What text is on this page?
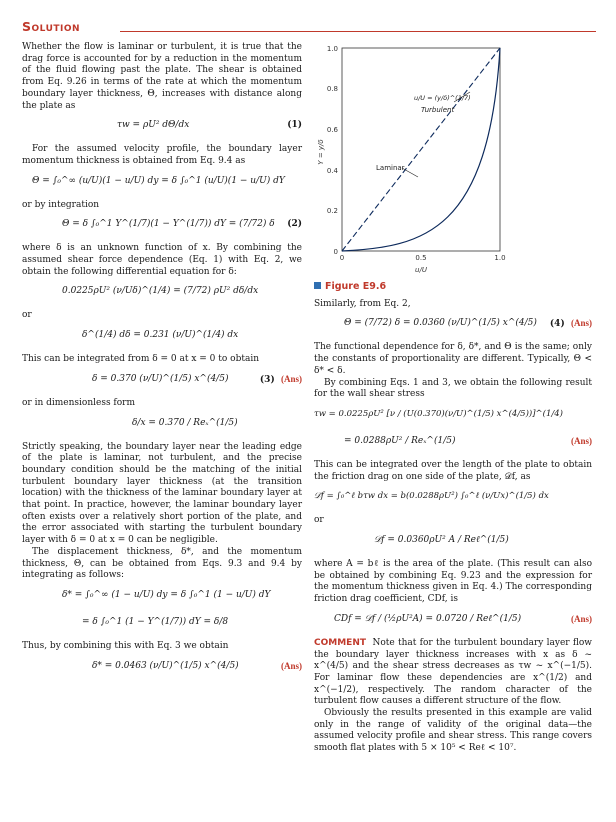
Solution

Whether the flow is laminar or turbulent, it is true that the drag force is accounted for by a reduction in the momentum of the fluid flowing past the plate. The shear is obtained from Eq. 9.26 in terms of the rate at which the momentum boundary layer thickness, Θ, increases with distance along the plate as

τw = ρU² dΘ/dx	(1)

For the assumed velocity profile, the boundary layer momentum thickness is obtained from Eq. 9.4 as

Θ = ∫₀^∞ (u/U)(1 − u/U) dy = δ ∫₀^1 (u/U)(1 − u/U) dY

or by integration

Θ = δ ∫₀^1 Y^(1/7)(1 − Y^(1/7)) dY = (7/72) δ (2)

where δ is an unknown function of x. By combining the assumed shear force dependence (Eq. 1) with Eq. 2, we obtain the following differential equation for δ:

0.0225ρU² (ν/Uδ)^(1/4) = (7/72) ρU² dδ/dx

or

δ^(1/4) dδ = 0.231 (ν/U)^(1/4) dx

This can be integrated from δ = 0 at x = 0 to obtain

δ = 0.370 (ν/U)^(1/5) x^(4/5)	(3) (Ans)

or in dimensionless form

δ/x = 0.370 / Reₓ^(1/5)

Strictly speaking, the boundary layer near the leading edge of the plate is laminar, not turbulent, and the precise boundary condition should be the matching of the initial turbulent boundary layer thickness (at the transition location) with the thickness of the laminar boundary layer at that point. In practice, however, the laminar boundary layer often exists over a relatively short portion of the plate, and the error associated with starting the turbulent boundary layer with δ = 0 at x = 0 can be negligible.

The displacement thickness, δ*, and the momentum thickness, Θ, can be obtained from Eqs. 9.3 and 9.4 by integrating as follows:

δ* = ∫₀^∞ (1 − u/U) dy = δ ∫₀^1 (1 − u/U) dY
= δ ∫₀^1 (1 − Y^(1/7)) dY = δ/8

Thus, by combining this with Eq. 3 we obtain

δ* = 0.0463 (ν/U)^(1/5) x^(4/5)	(Ans)
0
0.2
0.4
0.6
0.8
1.0
0	0.5	1.0
u/U
Y = y/δ
u/U = (y/δ)^(1/7)
Turbulent
Laminar
Figure E9.6

Similarly, from Eq. 2,

Θ = (7/72) δ = 0.0360 (ν/U)^(1/5) x^(4/5) (4) (Ans)

The functional dependence for δ, δ*, and Θ is the same; only the constants of proportionality are different. Typically, Θ < δ* < δ.

By combining Eqs. 1 and 3, we obtain the following result for the wall shear stress

τw = 0.0225ρU² [ν / (U(0.370)(ν/U)^(1/5) x^(4/5))]^(1/4)
= 0.0288ρU² / Reₓ^(1/5)	(Ans)

This can be integrated over the length of the plate to obtain the friction drag on one side of the plate, 𝒟f, as

𝒟f = ∫₀^ℓ bτw dx = b(0.0288ρU²) ∫₀^ℓ (ν/Ux)^(1/5) dx

or

𝒟f = 0.0360ρU² A / Reℓ^(1/5)

where A = bℓ is the area of the plate. (This result can also be obtained by combining Eq. 9.23 and the expression for the momentum thickness given in Eq. 4.) The corresponding friction drag coefficient, CDf, is

CDf = 𝒟f / (½ρU²A) = 0.0720 / Reℓ^(1/5)	(Ans)

COMMENT Note that for the turbulent boundary layer flow the boundary layer thickness increases with x as δ ~ x^(4/5) and the shear stress decreases as τw ~ x^(−1/5). For laminar flow these dependencies are x^(1/2) and x^(−1/2), respectively. The random character of the turbulent flow causes a different structure of the flow.

Obviously the results presented in this example are valid only in the range of validity of the original data—the assumed velocity profile and shear stress. This range covers smooth flat plates with 5 × 10⁵ < Reℓ < 10⁷.
